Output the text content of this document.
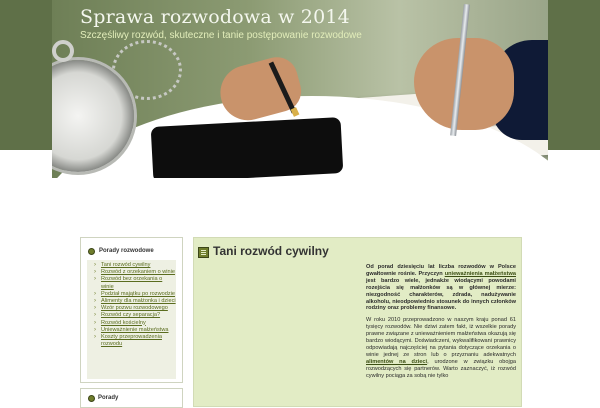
Sprawa rozwodowa w 2014
Szczęśliwy rozwód, skuteczne i tanie postępowanie rozwodowe
Porady rozwodowe
› Tani rozwód cywilny
› Rozwód z orzekaniem o winie
› Rozwód bez orzekania o winie
› Podział majątku po rozwodzie
› Alimenty dla małżonka i dzieci
› Wzór pozwu rozwodowego
› Rozwód czy separacja?
› Rozwód kościelny
› Unieważnienie małżeństwa
› Koszty przeprowadzenia rozwodu
Porady
Tani rozwód cywilny

Od porad dziesięciu lat liczba rozwodów w Polsce gwałtownie rośnie. Przyczyn unieważnienia małżeństwa jest bardzo wiele, jednakże wiodącymi powodami rozejścia się małżonków są w głównej mierze: niezgodność charakterów, zdrada, nadużywanie alkoholu, nieodpowiednio stosunek do innych członków rodziny oraz problemy finansowe.

W roku 2010 przeprowadzono w naszym kraju ponad 61 tysięcy rozwodów. Nie dziwi zatem fakt, iż wszelkie porady prawne związane z unieważnieniem małżeństwa okazują się bardzo wiodącymi. Doświadczeni, wykwalifikowani prawnicy odpowiadają najczęściej na pytania dotyczące orzekania o winie jednej ze stron lub o przyznaniu adekwatnych alimentów na dzieci, urodzone w związku obojga rozwodzących się partnerów. Warto zaznaczyć, iż rozwód cywilny pociąga za sobą nie tylko
